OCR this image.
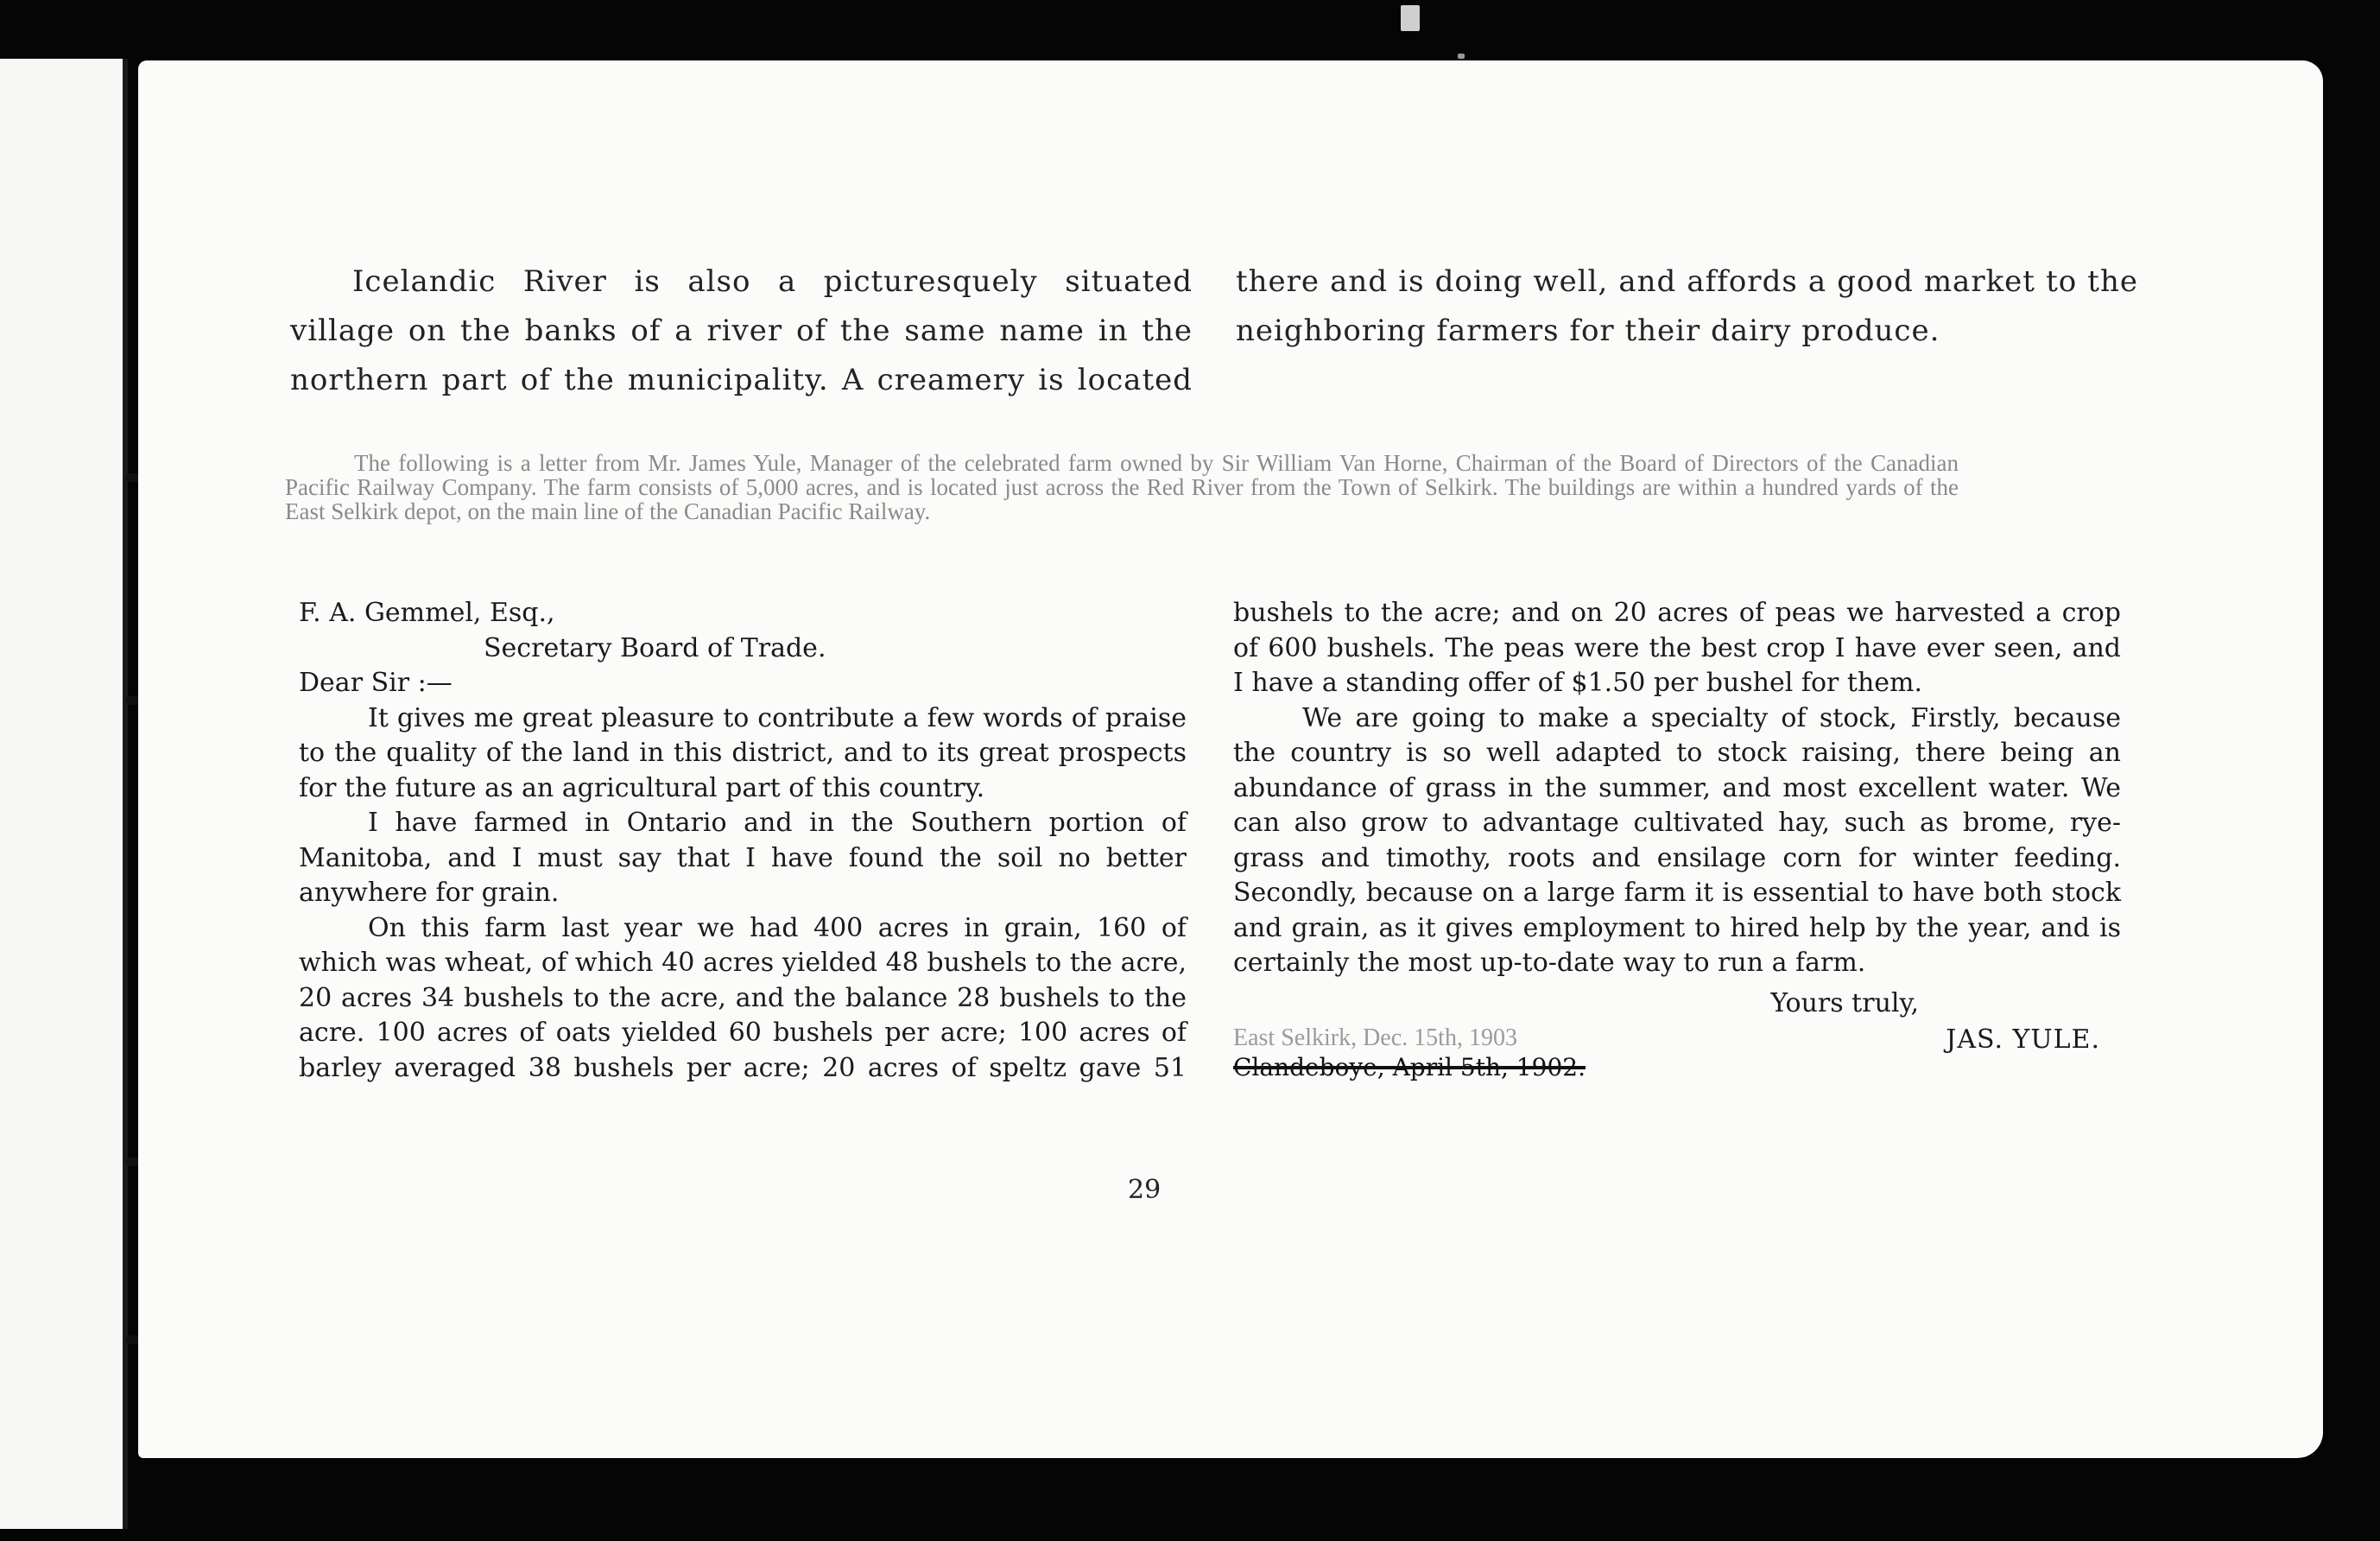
Icelandic River is also a picturesquely situated village on the banks of a river of the same name in the northern part of the municipality. A creamery is located there and is doing well, and affords a good market to the neighboring farmers for their dairy produce.

The following is a letter from Mr. James Yule, Manager of the celebrated farm owned by Sir William Van Horne, Chairman of the Board of Directors of the Canadian Pacific Railway Company. The farm consists of 5,000 acres, and is located just across the Red River from the Town of Selkirk. The buildings are within a hundred yards of the East Selkirk depot, on the main line of the Canadian Pacific Railway.

F. A. Gemmel, Esq.,

Secretary Board of Trade.

Dear Sir :—

It gives me great pleasure to contribute a few words of praise to the quality of the land in this district, and to its great prospects for the future as an agricultural part of this country.

I have farmed in Ontario and in the Southern portion of Manitoba, and I must say that I have found the soil no better anywhere for grain.

On this farm last year we had 400 acres in grain, 160 of which was wheat, of which 40 acres yielded 48 bushels to the acre, 20 acres 34 bushels to the acre, and the balance 28 bushels to the acre. 100 acres of oats yielded 60 bushels per acre; 100 acres of barley averaged 38 bushels per acre; 20 acres of speltz gave 51 bushels to the acre; and on 20 acres of peas we harvested a crop of 600 bushels. The peas were the best crop I have ever seen, and I have a standing offer of $1.50 per bushel for them.

We are going to make a specialty of stock, Firstly, because the country is so well adapted to stock raising, there being an abundance of grass in the summer, and most excellent water. We can also grow to advantage cultivated hay, such as brome, rye-grass and timothy, roots and ensilage corn for winter feeding. Secondly, because on a large farm it is essential to have both stock and grain, as it gives employment to hired help by the year, and is certainly the most up-to-date way to run a farm.

Yours truly,

East Selkirk, Dec. 15th, 1903
Clandeboye, April 5th, 1902.
JAS. YULE.
29
